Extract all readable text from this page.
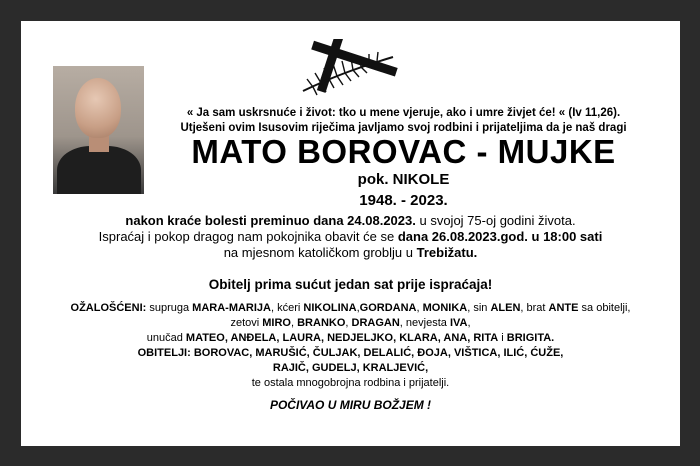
« Ja sam uskrsnuće i život: tko u mene vjeruje, ako i umre živjet će! « (Iv 11,26).
Utješeni ovim Isusovim riječima javljamo svoj rodbini i prijateljima da je naš dragi
MATO BOROVAC - MUJKE
pok. NIKOLE
1948. - 2023.
nakon kraće bolesti preminuo dana 24.08.2023. u svojoj 75-oj godini života.
Ispraćaj i pokop dragog nam pokojnika obavit će se dana 26.08.2023.god. u 18:00 sati
na mjesnom katoličkom groblju u Trebižatu.
Obitelj prima sućut jedan sat prije ispraćaja!
OŽALOŠĆENI: supruga MARA-MARIJA, kćeri NIKOLINA,GORDANA, MONIKA, sin ALEN, brat ANTE sa obitelji,
zetovi MIRO, BRANKO, DRAGAN, nevjesta IVA,
unučad MATEO, ANĐELA, LAURA, NEDJELJKO, KLARA, ANA, RITA i BRIGITA.
OBITELJI: BOROVAC, MARUŠIĆ, ČULJAK, DELALIĆ, ĐOJA, VIŠTICA, ILIĆ, ĆUŽE,
RAJIČ, GUDELJ, KRALJEVIĆ,
te ostala mnogobrojna rodbina i prijatelji.
POČIVAO U MIRU BOŽJEM !
